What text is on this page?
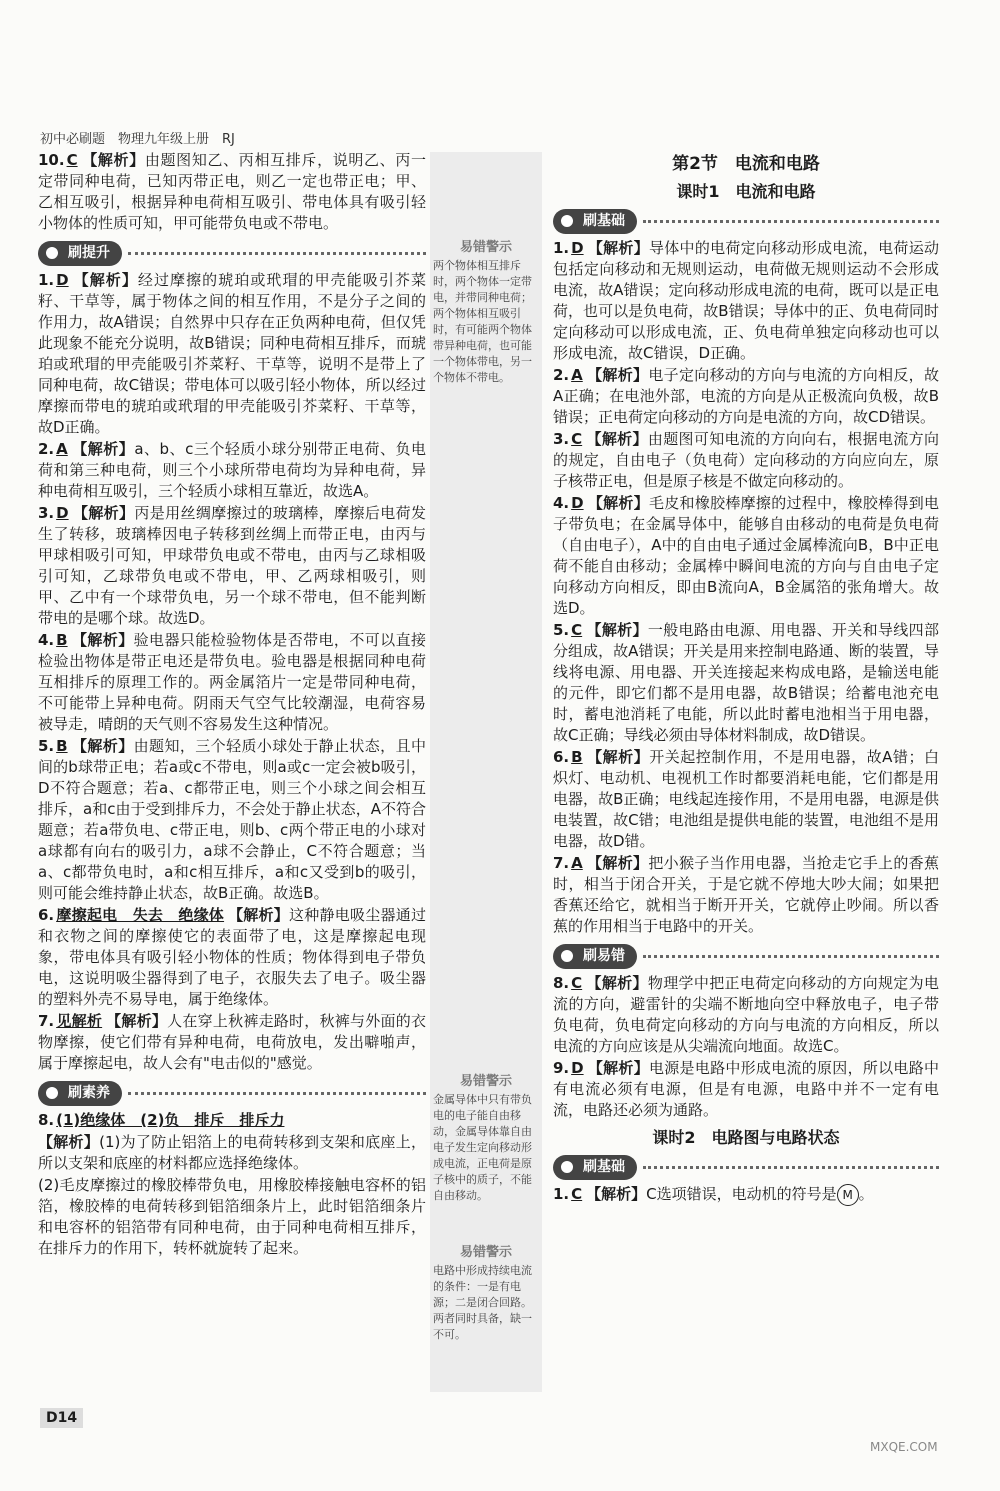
初中必刷题　物理九年级上册　RJ

10. C 【解析】由题图知乙、丙相互排斥，说明乙、丙一定带同种电荷，已知丙带正电，则乙一定也带正电；甲、乙相互吸引，根据异种电荷相互吸引、带电体具有吸引轻小物体的性质可知，甲可能带负电或不带电。

刷提升

1. D 【解析】经过摩擦的琥珀或玳瑁的甲壳能吸引芥菜籽、干草等，属于物体之间的相互作用，不是分子之间的作用力，故A错误；自然界中只存在正负两种电荷，但仅凭此现象不能充分说明，故B错误；同种电荷相互排斥，而琥珀或玳瑁的甲壳能吸引芥菜籽、干草等，说明不是带上了同种电荷，故C错误；带电体可以吸引轻小物体，所以经过摩擦而带电的琥珀或玳瑁的甲壳能吸引芥菜籽、干草等，故D正确。

2. A 【解析】a、b、c三个轻质小球分别带正电荷、负电荷和第三种电荷，则三个小球所带电荷均为异种电荷，异种电荷相互吸引，三个轻质小球相互靠近，故选A。

3. D 【解析】丙是用丝绸摩擦过的玻璃棒，摩擦后电荷发生了转移，玻璃棒因电子转移到丝绸上而带正电，由丙与甲球相吸引可知，甲球带负电或不带电，由丙与乙球相吸引可知，乙球带负电或不带电，甲、乙两球相吸引，则甲、乙中有一个球带负电，另一个球不带电，但不能判断带电的是哪个球。故选D。

4. B 【解析】验电器只能检验物体是否带电，不可以直接检验出物体是带正电还是带负电。验电器是根据同种电荷互相排斥的原理工作的。两金属箔片一定是带同种电荷，不可能带上异种电荷。阴雨天气空气比较潮湿，电荷容易被导走，晴朗的天气则不容易发生这种情况。

5. B 【解析】由题知，三个轻质小球处于静止状态，且中间的b球带正电；若a或c不带电，则a或c一定会被b吸引，D不符合题意；若a、c都带正电，则三个小球之间会相互排斥，a和c由于受到排斥力，不会处于静止状态，A不符合题意；若a带负电、c带正电，则b、c两个带正电的小球对a球都有向右的吸引力，a球不会静止，C不符合题意；当a、c都带负电时，a和c相互排斥，a和c又受到b的吸引，则可能会维持静止状态，故B正确。故选B。

6. 摩擦起电　失去　绝缘体 【解析】这种静电吸尘器通过和衣物之间的摩擦使它的表面带了电，这是摩擦起电现象，带电体具有吸引轻小物体的性质；物体得到电子带负电，这说明吸尘器得到了电子，衣服失去了电子。吸尘器的塑料外壳不易导电，属于绝缘体。

7. 见解析 【解析】人在穿上秋裤走路时，秋裤与外面的衣物摩擦，使它们带有异种电荷，电荷放电，发出噼啪声，属于摩擦起电，故人会有"电击似的"感觉。

刷素养

8. (1)绝缘体　(2)负　排斥　排斥力

【解析】(1)为了防止铝箔上的电荷转移到支架和底座上，所以支架和底座的材料都应选择绝缘体。

(2)毛皮摩擦过的橡胶棒带负电，用橡胶棒接触电容杯的铝箔，橡胶棒的电荷转移到铝箔细条片上，此时铝箔细条片和电容杯的铝箔带有同种电荷，由于同种电荷相互排斥，在排斥力的作用下，转杯就旋转了起来。

易错警示
两个物体相互排斥时，两个物体一定带电，并带同种电荷；两个物体相互吸引时，有可能两个物体带异种电荷，也可能一个物体带电，另一个物体不带电。
易错警示
金属导体中只有带负电的电子能自由移动，金属导体靠自由电子发生定向移动形成电流，正电荷是原子核中的质子，不能自由移动。
易错警示
电路中形成持续电流的条件：一是有电源；二是闭合回路。两者同时具备，缺一不可。
第2节　电流和电路
课时1　电流和电路
刷基础

1. D 【解析】导体中的电荷定向移动形成电流，电荷运动包括定向移动和无规则运动，电荷做无规则运动不会形成电流，故A错误；定向移动形成电流的电荷，既可以是正电荷，也可以是负电荷，故B错误；导体中的正、负电荷同时定向移动可以形成电流，正、负电荷单独定向移动也可以形成电流，故C错误，D正确。

2. A 【解析】电子定向移动的方向与电流的方向相反，故A正确；在电池外部，电流的方向是从正极流向负极，故B错误；正电荷定向移动的方向是电流的方向，故CD错误。

3. C 【解析】由题图可知电流的方向向右，根据电流方向的规定，自由电子（负电荷）定向移动的方向应向左，原子核带正电，但是原子核是不做定向移动的。

4. D 【解析】毛皮和橡胶棒摩擦的过程中，橡胶棒得到电子带负电；在金属导体中，能够自由移动的电荷是负电荷（自由电子），A中的自由电子通过金属棒流向B，B中正电荷不能自由移动；金属棒中瞬间电流的方向与自由电子定向移动方向相反，即由B流向A，B金属箔的张角增大。故选D。

5. C 【解析】一般电路由电源、用电器、开关和导线四部分组成，故A错误；开关是用来控制电路通、断的装置，导线将电源、用电器、开关连接起来构成电路，是输送电能的元件，即它们都不是用电器，故B错误；给蓄电池充电时，蓄电池消耗了电能，所以此时蓄电池相当于用电器，故C正确；导线必须由导体材料制成，故D错误。

6. B 【解析】开关起控制作用，不是用电器，故A错；白炽灯、电动机、电视机工作时都要消耗电能，它们都是用电器，故B正确；电线起连接作用，不是用电器，电源是供电装置，故C错；电池组是提供电能的装置，电池组不是用电器，故D错。

7. A 【解析】把小猴子当作用电器，当抢走它手上的香蕉时，相当于闭合开关，于是它就不停地大吵大闹；如果把香蕉还给它，就相当于断开开关，它就停止吵闹。所以香蕉的作用相当于电路中的开关。

刷易错

8. C 【解析】物理学中把正电荷定向移动的方向规定为电流的方向，避雷针的尖端不断地向空中释放电子，电子带负电荷，负电荷定向移动的方向与电流的方向相反，所以电流的方向应该是从尖端流向地面。故选C。

9. D 【解析】电源是电路中形成电流的原因，所以电路中有电流必须有电源，但是有电源，电路中并不一定有电流，电路还必须为通路。

课时2　电路图与电路状态
刷基础

1. C 【解析】C选项错误，电动机的符号是 M 。

D14
MXQE.COM
